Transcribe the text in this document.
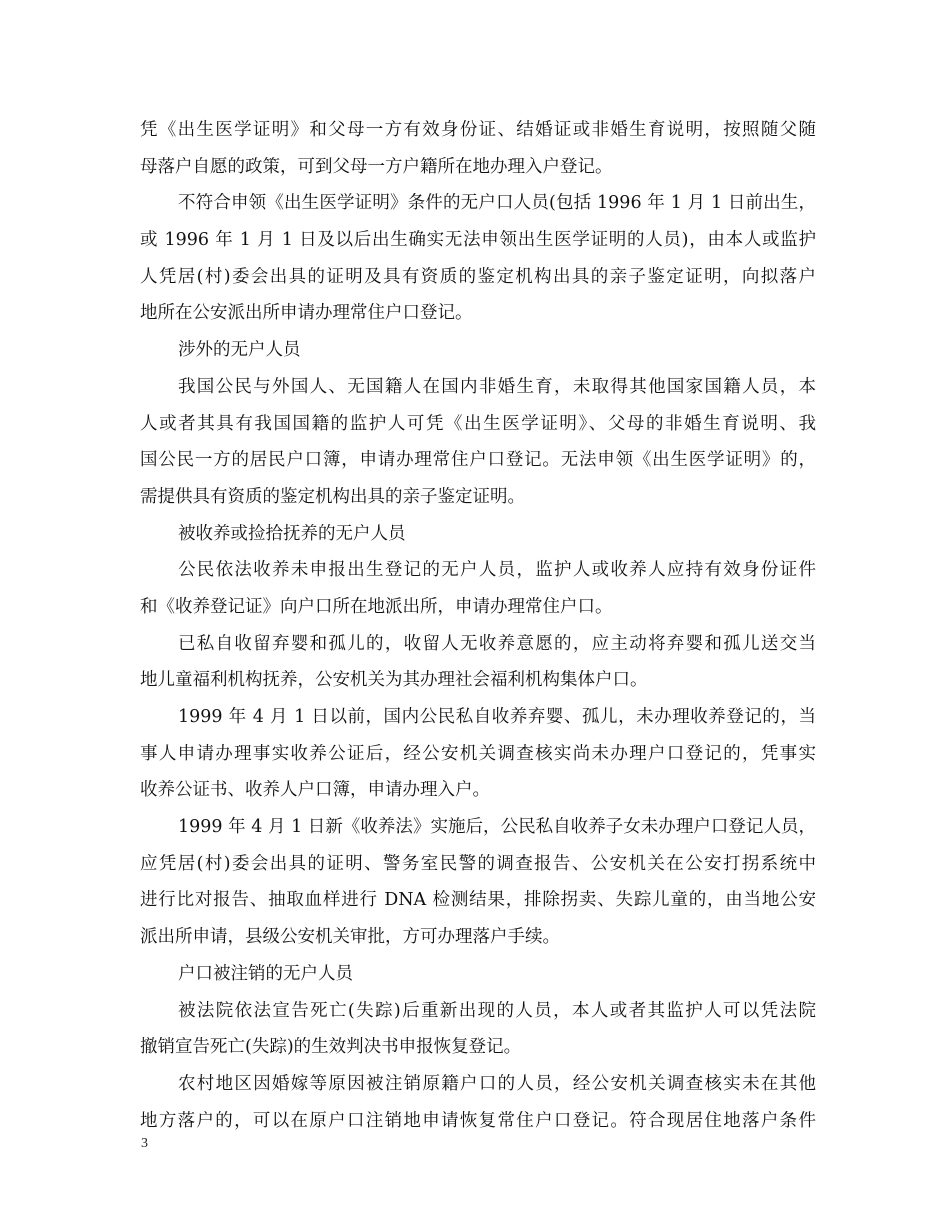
凭《出生医学证明》和父母一方有效身份证、结婚证或非婚生育说明，按照随父随
母落户自愿的政策，可到父母一方户籍所在地办理入户登记。
不符合申领《出生医学证明》条件的无户口人员(包括 1996 年 1 月 1 日前出生，
或 1996 年 1 月 1 日及以后出生确实无法申领出生医学证明的人员)，由本人或监护
人凭居(村)委会出具的证明及具有资质的鉴定机构出具的亲子鉴定证明，向拟落户
地所在公安派出所申请办理常住户口登记。
涉外的无户人员
我国公民与外国人、无国籍人在国内非婚生育，未取得其他国家国籍人员，本
人或者其具有我国国籍的监护人可凭《出生医学证明》、父母的非婚生育说明、我
国公民一方的居民户口簿，申请办理常住户口登记。无法申领《出生医学证明》的，
需提供具有资质的鉴定机构出具的亲子鉴定证明。
被收养或捡拾抚养的无户人员
公民依法收养未申报出生登记的无户人员，监护人或收养人应持有效身份证件
和《收养登记证》向户口所在地派出所，申请办理常住户口。
已私自收留弃婴和孤儿的，收留人无收养意愿的，应主动将弃婴和孤儿送交当
地儿童福利机构抚养，公安机关为其办理社会福利机构集体户口。
1999 年 4 月 1 日以前，国内公民私自收养弃婴、孤儿，未办理收养登记的，当
事人申请办理事实收养公证后，经公安机关调查核实尚未办理户口登记的，凭事实
收养公证书、收养人户口簿，申请办理入户。
1999 年 4 月 1 日新《收养法》实施后，公民私自收养子女未办理户口登记人员，
应凭居(村)委会出具的证明、警务室民警的调查报告、公安机关在公安打拐系统中
进行比对报告、抽取血样进行 DNA 检测结果，排除拐卖、失踪儿童的，由当地公安
派出所申请，县级公安机关审批，方可办理落户手续。
户口被注销的无户人员
被法院依法宣告死亡(失踪)后重新出现的人员，本人或者其监护人可以凭法院
撤销宣告死亡(失踪)的生效判决书申报恢复登记。
农村地区因婚嫁等原因被注销原籍户口的人员，经公安机关调查核实未在其他
地方落户的，可以在原户口注销地申请恢复常住户口登记。符合现居住地落户条件
3
